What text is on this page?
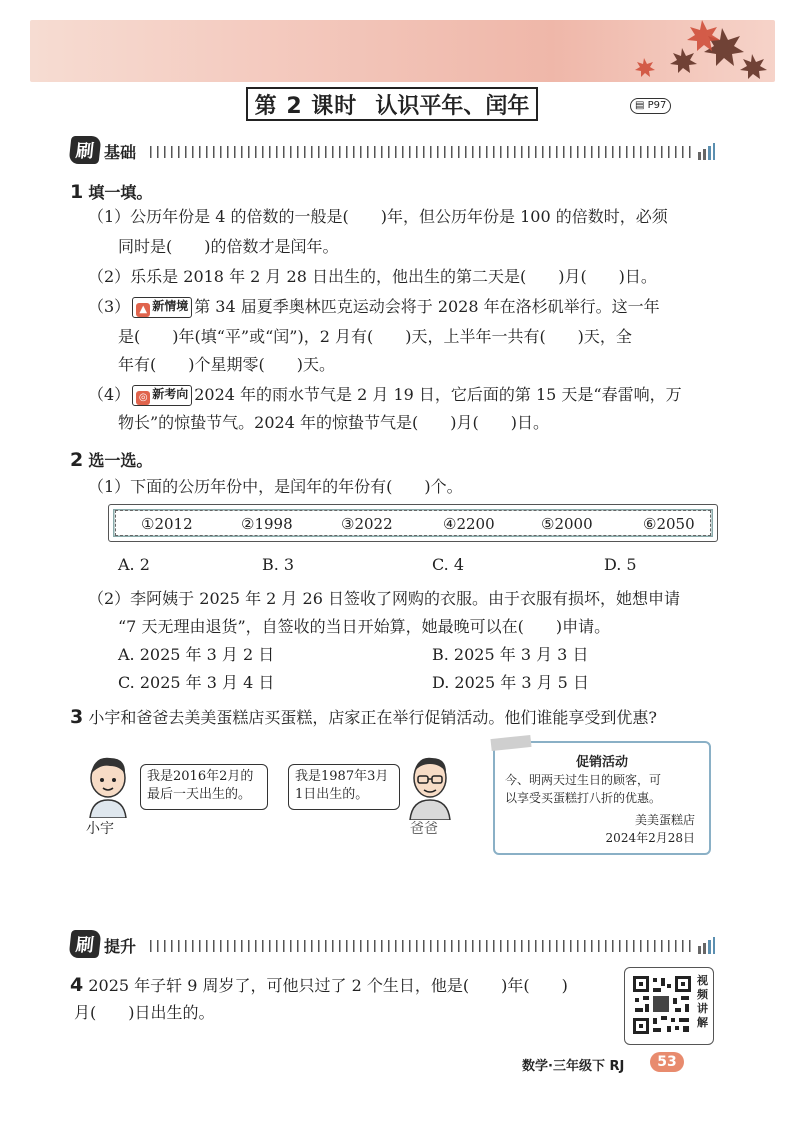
第 2 课时 认识平年、闰年	▤ P97
刷 基础
1 填一填。
（1）公历年份是 4 的倍数的一般是(　　)年，但公历年份是 100 的倍数时，必须
同时是(　　)的倍数才是闰年。
（2）乐乐是 2018 年 2 月 28 日出生的，他出生的第二天是(　　)月(　　)日。
（3） ▲ 新情境 第 34 届夏季奥林匹克运动会将于 2028 年在洛杉矶举行。这一年
是(　　)年(填“平”或“闰”)，2 月有(　　)天，上半年一共有(　　)天，全
年有(　　)个星期零(　　)天。
（4） ◎ 新考向 2024 年的雨水节气是 2 月 19 日，它后面的第 15 天是“春雷响，万
物长”的惊蛰节气。2024 年的惊蛰节气是(　　)月(　　)日。
2 选一选。
（1）下面的公历年份中，是闰年的年份有(　　)个。
①2012	②1998	③2022	④2200	⑤2000	⑥2050
A. 2	B. 3	C. 4	D. 5
（2）李阿姨于 2025 年 2 月 26 日签收了网购的衣服。由于衣服有损坏，她想申请
“7 天无理由退货”，自签收的当日开始算，她最晚可以在(　　)申请。
A. 2025 年 3 月 2 日	B. 2025 年 3 月 3 日
C. 2025 年 3 月 4 日	D. 2025 年 3 月 5 日
3 小宇和爸爸去美美蛋糕店买蛋糕，店家正在举行促销活动。他们谁能享受到优惠?
小宇
我是2016年2月的
最后一天出生的。
我是1987年3月
1日出生的。
爸爸
促销活动
今、明两天过生日的顾客，可
以享受买蛋糕打八折的优惠。
美美蛋糕店
2024年2月28日
刷 提升
4 2025 年子轩 9 周岁了，可他只过了 2 个生日，他是(　　)年(　　)
月(　　)日出生的。
视频讲解
数学·三年级下 RJ	53
